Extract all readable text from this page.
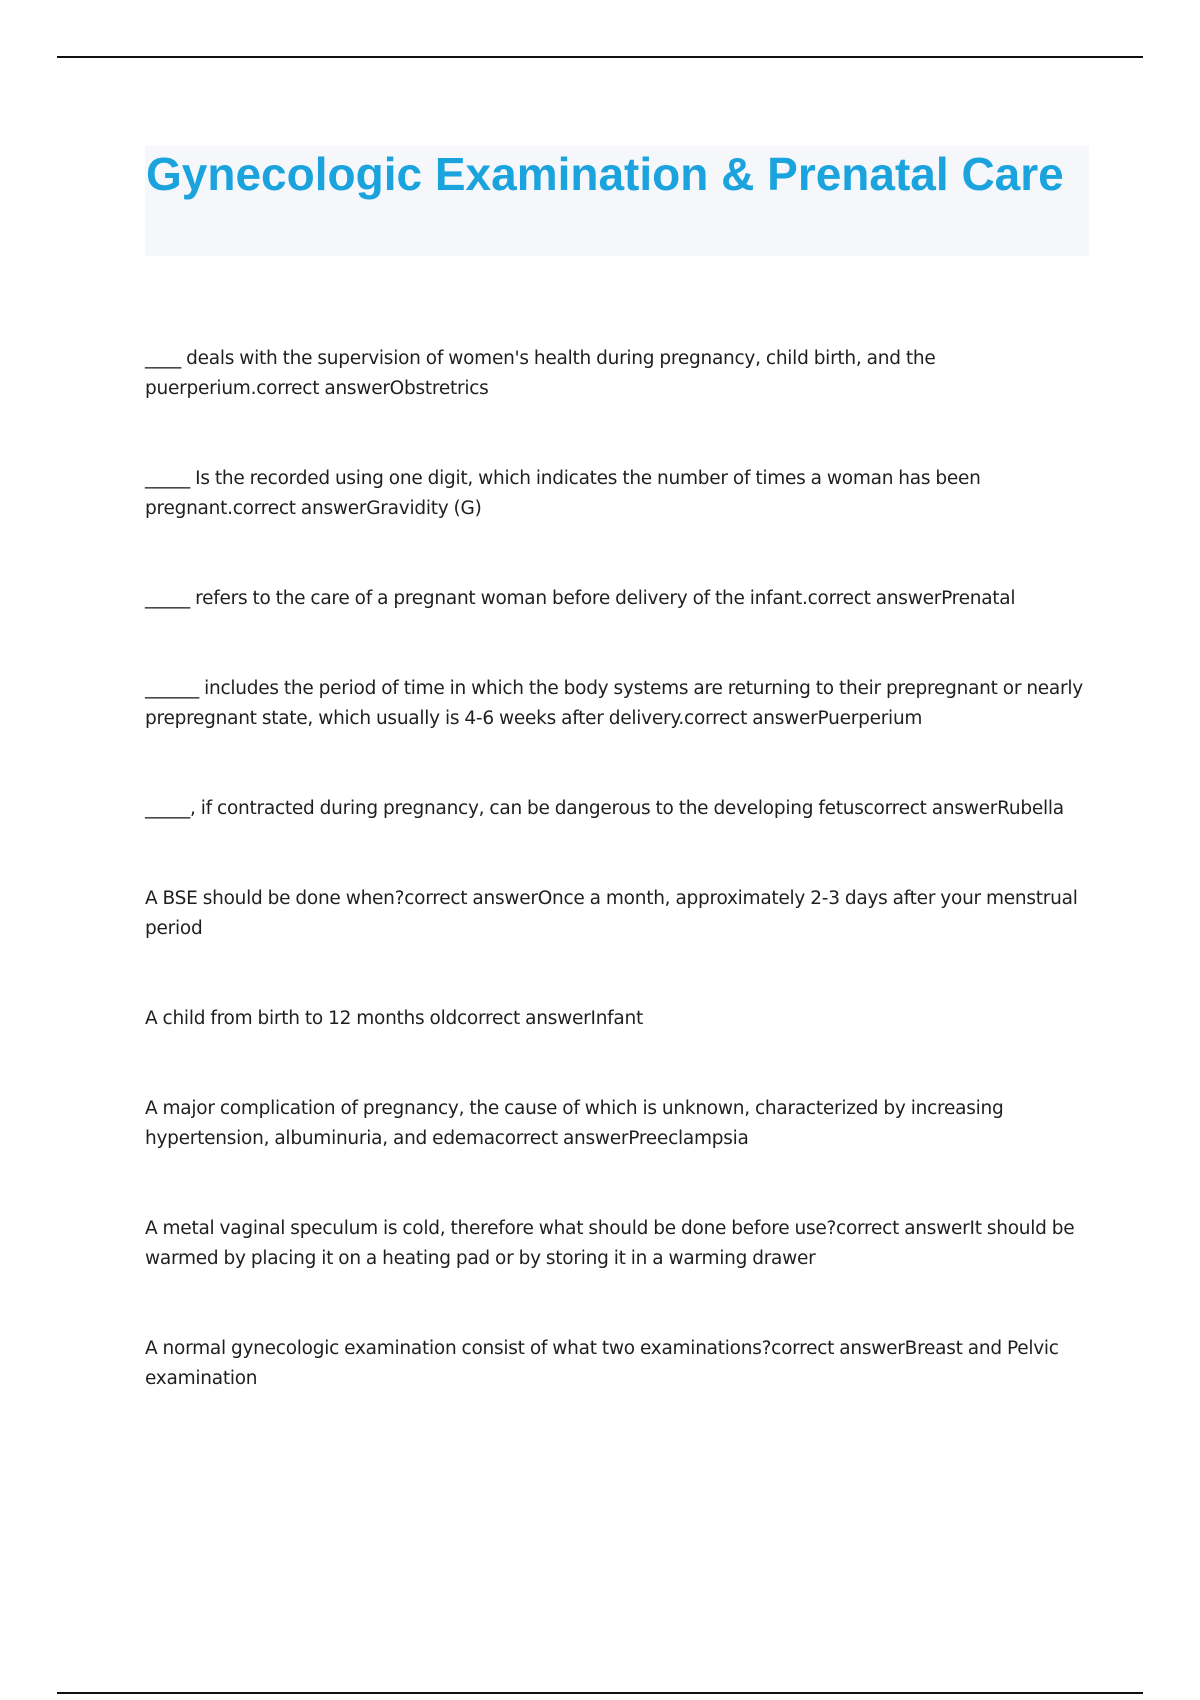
Gynecologic Examination & Prenatal Care

____ deals with the supervision of women's health during pregnancy, child birth, and the puerperium.correct answerObstretrics

_____ Is the recorded using one digit, which indicates the number of times a woman has been pregnant.correct answerGravidity (G)

_____ refers to the care of a pregnant woman before delivery of the infant.correct answerPrenatal

______ includes the period of time in which the body systems are returning to their prepregnant or nearly prepregnant state, which usually is 4-6 weeks after delivery.correct answerPuerperium

_____, if contracted during pregnancy, can be dangerous to the developing fetuscorrect answerRubella

A BSE should be done when?correct answerOnce a month, approximately 2-3 days after your menstrual period

A child from birth to 12 months oldcorrect answerInfant

A major complication of pregnancy, the cause of which is unknown, characterized by increasing hypertension, albuminuria, and edemacorrect answerPreeclampsia

A metal vaginal speculum is cold, therefore what should be done before use?correct answerIt should be warmed by placing it on a heating pad or by storing it in a warming drawer

A normal gynecologic examination consist of what two examinations?correct answerBreast and Pelvic examination
